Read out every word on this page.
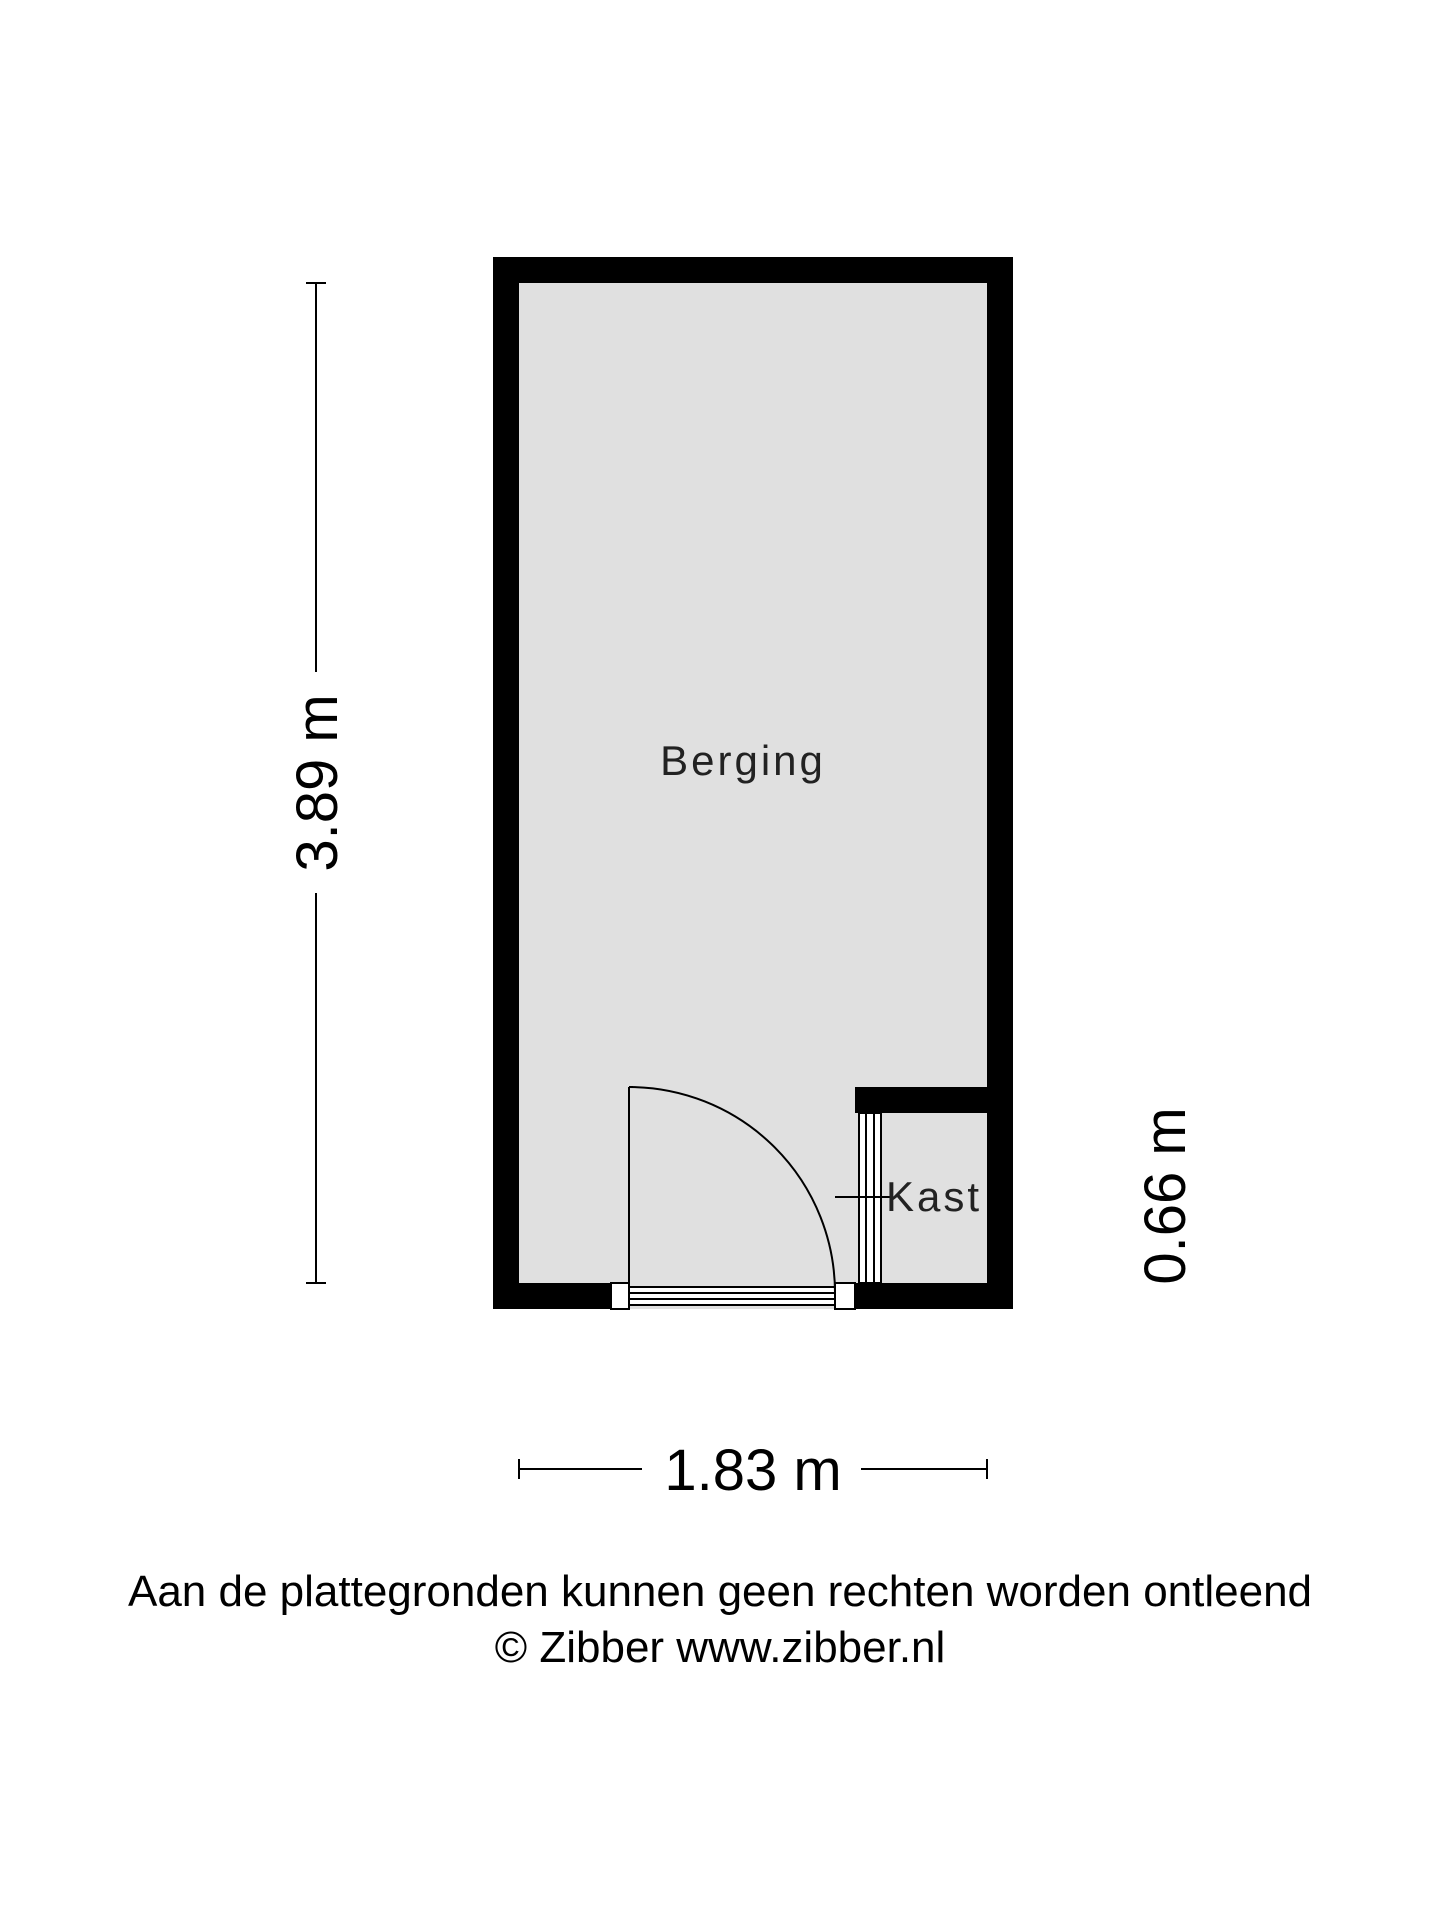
Berging
Kast
3.89 m
0.66 m
1.83 m
Aan de plattegronden kunnen geen rechten worden ontleend
© Zibber www.zibber.nl
